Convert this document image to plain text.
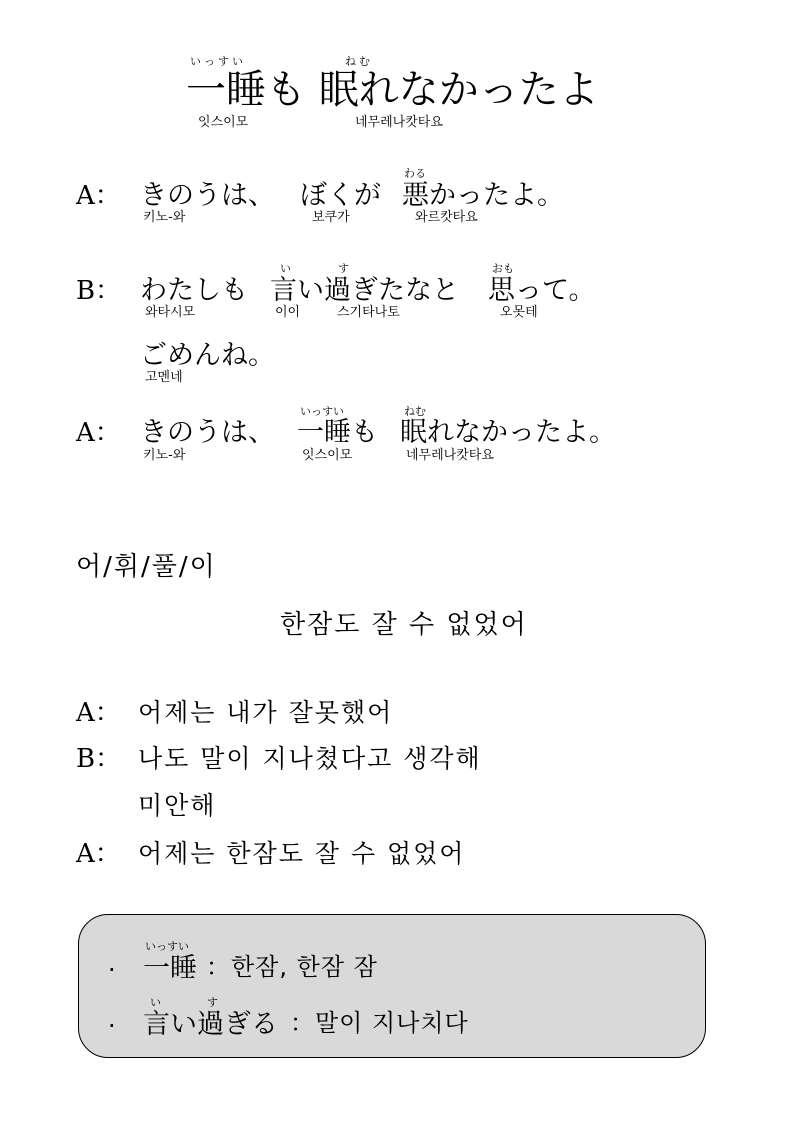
いっすい	ねむ
一睡も 眠れなかったよ
잇스이모	네무레나캇타요
A： きのうは、 ぼくが
わる
悪かったよ。
키노-와	보쿠가	와르캇타요
B： わたしも
い	す
言い過ぎたなと
おも
思って。
와타시모	이이	스기타나토	오못테
ごめんね。
고멘네
A： きのうは、
いっすい
一睡も
ねむ
眠れなかったよ。
키노-와	잇스이모	네무레나캇타요
어/휘/풀/이
한잠도 잘 수 없었어
A： 어제는 내가 잘못했어
B： 나도 말이 지나쳤다고 생각해
미안해
A： 어제는 한잠도 잘 수 없었어
·
いっすい
一睡 ：한잠, 한잠 잠
·
い	す
言い過ぎる ：말이 지나치다
